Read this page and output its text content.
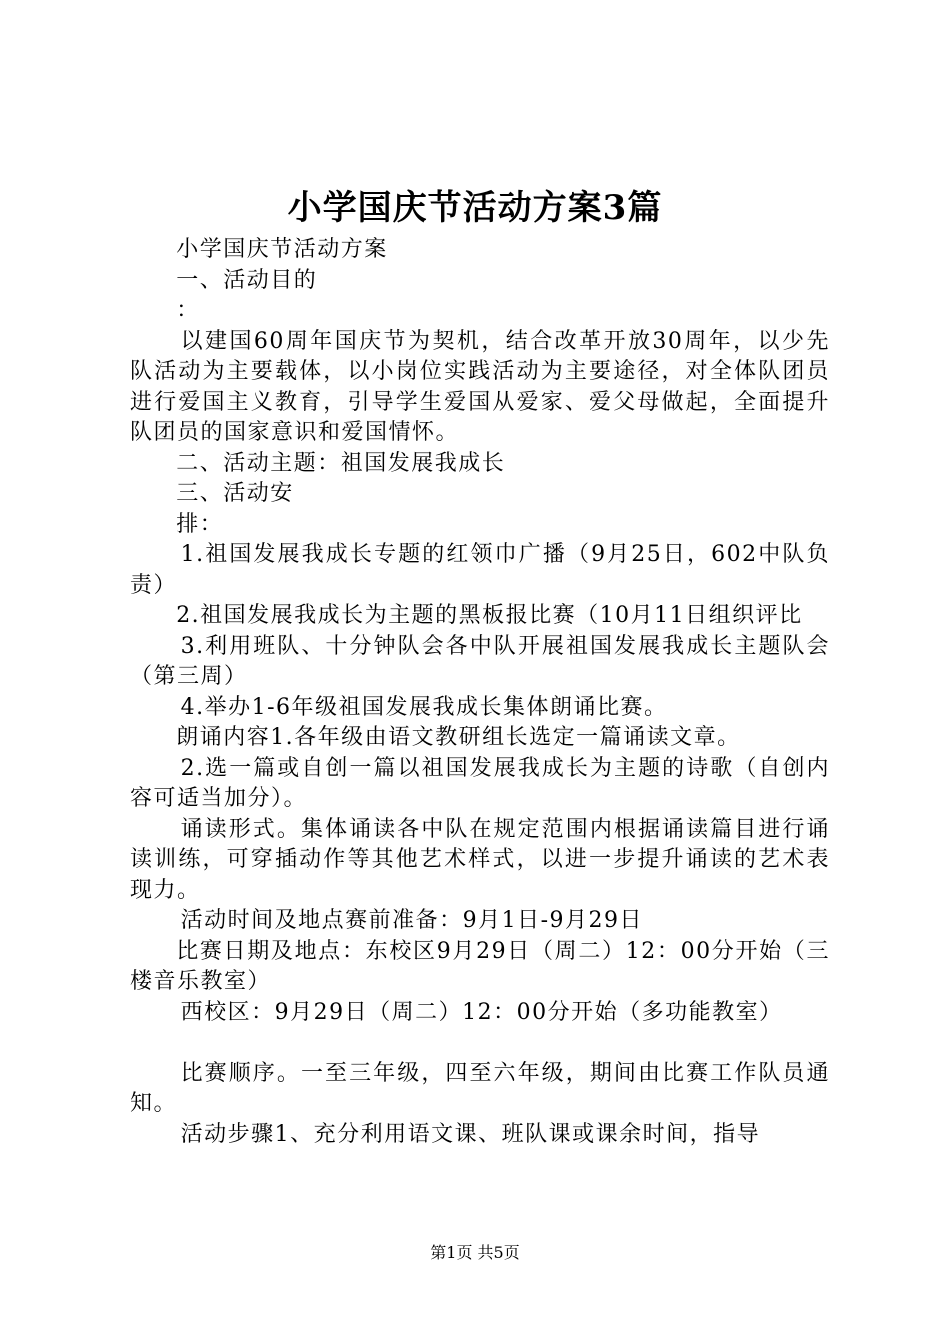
小学国庆节活动方案3篇

小学国庆节活动方案

一、活动目的

：

以建国60周年国庆节为契机，结合改革开放30周年，以少先队活动为主要载体，以小岗位实践活动为主要途径，对全体队团员进行爱国主义教育，引导学生爱国从爱家、爱父母做起，全面提升队团员的国家意识和爱国情怀。

二、活动主题：祖国发展我成长

三、活动安

排：

1.祖国发展我成长专题的红领巾广播（9月25日，602中队负责）

2.祖国发展我成长为主题的黑板报比赛（10月11日组织评比

3.利用班队、十分钟队会各中队开展祖国发展我成长主题队会（第三周）

4.举办1-6年级祖国发展我成长集体朗诵比赛。

朗诵内容1.各年级由语文教研组长选定一篇诵读文章。

2.选一篇或自创一篇以祖国发展我成长为主题的诗歌（自创内容可适当加分）。

诵读形式。集体诵读各中队在规定范围内根据诵读篇目进行诵读训练，可穿插动作等其他艺术样式，以进一步提升诵读的艺术表现力。

活动时间及地点赛前准备：9月1日-9月29日

比赛日期及地点：东校区9月29日（周二）12：00分开始（三楼音乐教室）

西校区：9月29日（周二）12：00分开始（多功能教室）

比赛顺序。一至三年级，四至六年级，期间由比赛工作队员通知。

活动步骤1、充分利用语文课、班队课或课余时间，指导

第1页 共5页
